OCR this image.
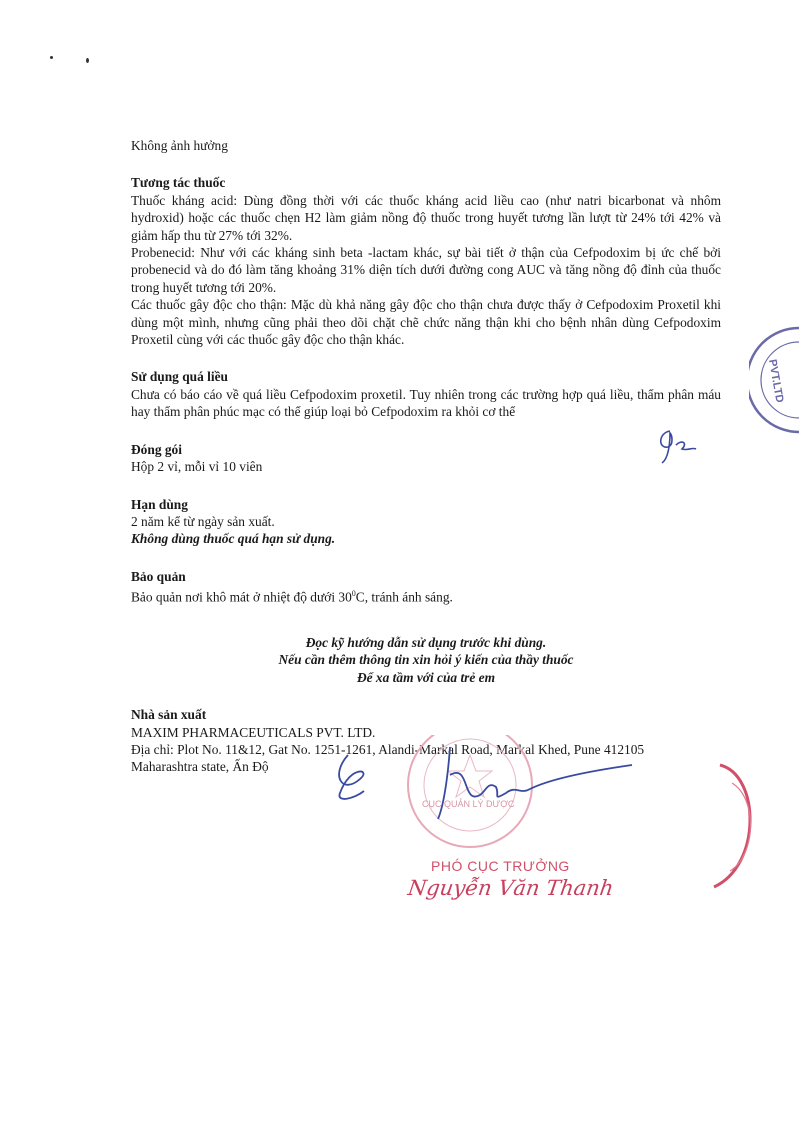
Không ảnh hưởng

Tương tác thuốc

Thuốc kháng acid: Dùng đồng thời với các thuốc kháng acid liều cao (như natri bicarbonat và nhôm hydroxid) hoặc các thuốc chẹn H2 làm giảm nồng độ thuốc trong huyết tương lần lượt từ 24% tới 42% và giảm hấp thu từ 27% tới 32%.

Probenecid: Như với các kháng sinh beta -lactam khác, sự bài tiết ở thận của Cefpodoxim bị ức chế bởi probenecid và do đó làm tăng khoảng 31% diện tích dưới đường cong AUC và tăng nồng độ đỉnh của thuốc trong huyết tương tới 20%.

Các thuốc gây độc cho thận: Mặc dù khả năng gây độc cho thận chưa được thấy ở Cefpodoxim Proxetil khi dùng một mình, nhưng cũng phải theo dõi chặt chẽ chức năng thận khi cho bệnh nhân dùng Cefpodoxim Proxetil cùng với các thuốc gây độc cho thận khác.

Sử dụng quá liều

Chưa có báo cáo về quá liều Cefpodoxim proxetil. Tuy nhiên trong các trường hợp quá liều, thẩm phân máu hay thẩm phân phúc mạc có thể giúp loại bỏ Cefpodoxim ra khỏi cơ thể

Đóng gói

Hộp 2 vỉ, mỗi vỉ 10 viên

Hạn dùng

2 năm kể từ ngày sản xuất.

Không dùng thuốc quá hạn sử dụng.

Bảo quản

Bảo quản nơi khô mát ở nhiệt độ dưới $30^0C$, tránh ánh sáng.

Đọc kỹ hướng dẫn sử dụng trước khi dùng.

Nếu cần thêm thông tin xin hỏi ý kiến của thầy thuốc

Để xa tầm với của trẻ em

Nhà sản xuất

MAXIM PHARMACEUTICALS PVT. LTD.

Địa chỉ: Plot No. 11&12, Gat No. 1251-1261, Alandi-Markal Road, Markal Khed, Pune 412105

Maharashtra state, Ấn Độ

PVT.LTD
CỤC QUẢN LÝ DƯỢC
PHÓ CỤC TRƯỞNG
Nguyễn Văn Thanh
